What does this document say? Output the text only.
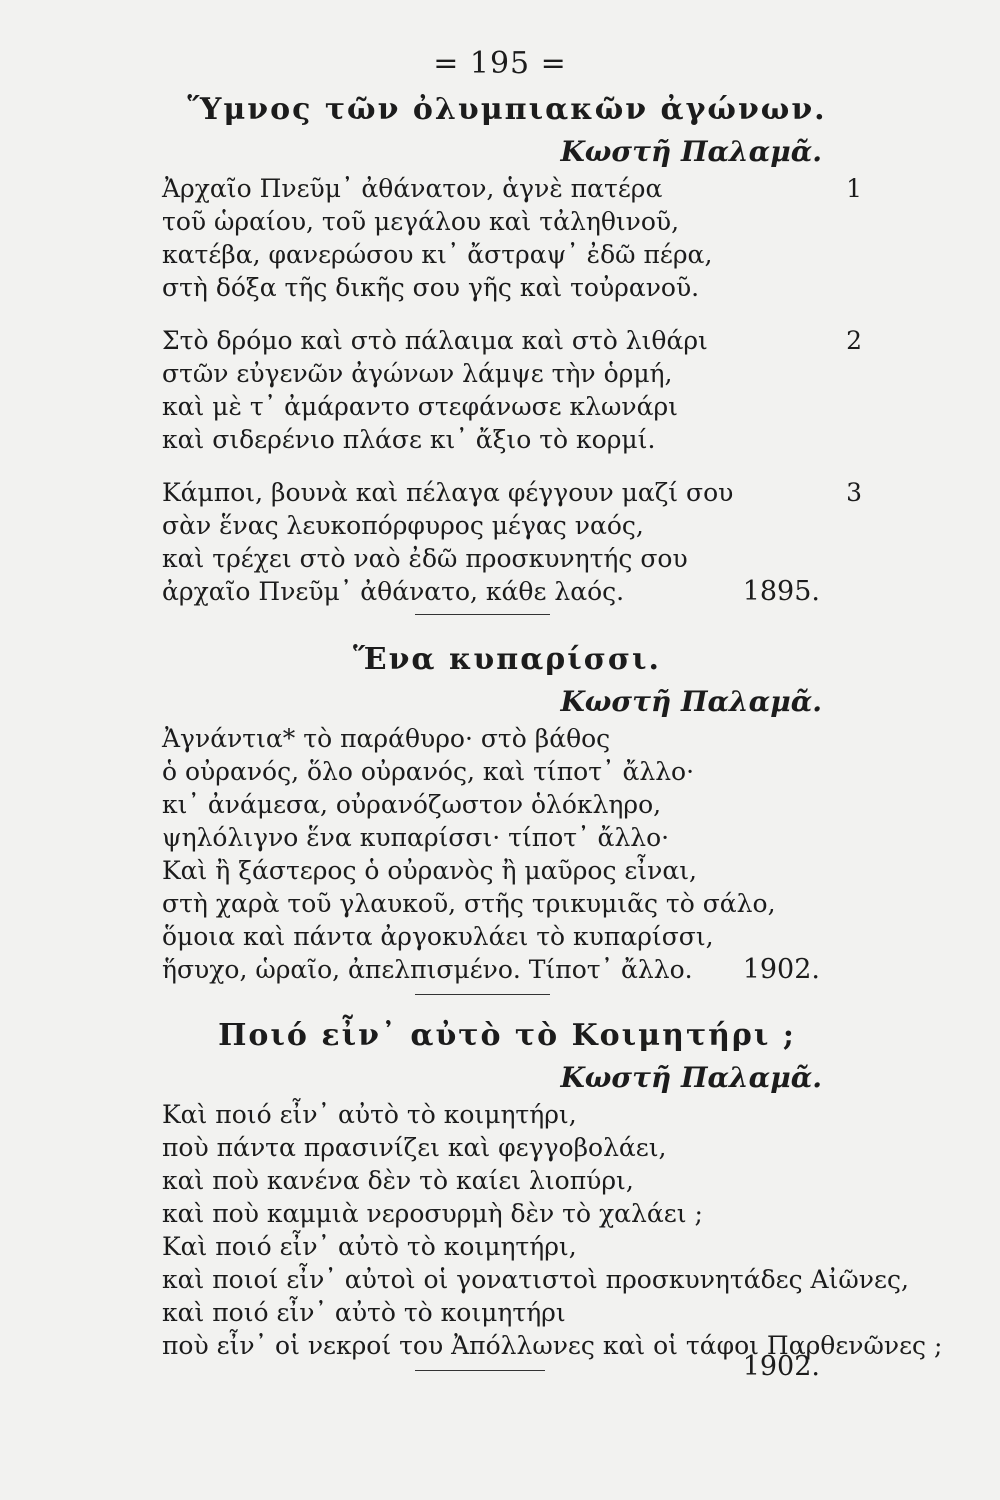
= 195 =
Ὕμνος τῶν ὀλυμπιακῶν ἀγώνων.
Κωστῆ Παλαμᾶ.
1
Ἀρχαῖο Πνεῦμ᾽ ἀθάνατον, ἁγνὲ πατέρα
τοῦ ὡραίου, τοῦ μεγάλου καὶ τἀληθινοῦ,
κατέβα, φανερώσου κι᾽ ἄστραψ᾽ ἐδῶ πέρα,
στὴ δόξα τῆς δικῆς σου γῆς καὶ τοὐρανοῦ.
2
Στὸ δρόμο καὶ στὸ πάλαιμα καὶ στὸ λιθάρι
στῶν εὐγενῶν ἀγώνων λάμψε τὴν ὁρμή,
καὶ μὲ τ᾽ ἀμάραντο στεφάνωσε κλωνάρι
καὶ σιδερένιο πλάσε κι᾽ ἄξιο τὸ κορμί.
3
Κάμποι, βουνὰ καὶ πέλαγα φέγγουν μαζί σου
σὰν ἕνας λευκοπόρφυρος μέγας ναός,
καὶ τρέχει στὸ ναὸ ἐδῶ προσκυνητής σου
ἀρχαῖο Πνεῦμ᾽ ἀθάνατο, κάθε λαός.	1895.
Ἕνα κυπαρίσσι.
Κωστῆ Παλαμᾶ.
Ἀγνάντια* τὸ παράθυρο· στὸ βάθος
ὁ οὐρανός, ὅλο οὐρανός, καὶ τίποτ᾽ ἄλλο·
κι᾽ ἀνάμεσα, οὐρανόζωστον ὁλόκληρο,
ψηλόλιγνο ἕνα κυπαρίσσι· τίποτ᾽ ἄλλο·
Καὶ ἢ ξάστερος ὁ οὐρανὸς ἢ μαῦρος εἶναι,
στὴ χαρὰ τοῦ γλαυκοῦ, στῆς τρικυμιᾶς τὸ σάλο,
ὅμοια καὶ πάντα ἀργοκυλάει τὸ κυπαρίσσι,
ἥσυχο, ὡραῖο, ἀπελπισμένο. Τίποτ᾽ ἄλλο.	1902.
Ποιό εἶν᾽ αὐτὸ τὸ Κοιμητήρι ;
Κωστῆ Παλαμᾶ.
Καὶ ποιό εἶν᾽ αὐτὸ τὸ κοιμητήρι,
ποὺ πάντα πρασινίζει καὶ φεγγοβολάει,
καὶ ποὺ κανένα δὲν τὸ καίει λιοπύρι,
καὶ ποὺ καμμιὰ νεροσυρμὴ δὲν τὸ χαλάει ;
Καὶ ποιό εἶν᾽ αὐτὸ τὸ κοιμητήρι,
καὶ ποιοί εἶν᾽ αὐτοὶ οἱ γονατιστοὶ προσκυνητάδες Αἰῶνες,
καὶ ποιό εἶν᾽ αὐτὸ τὸ κοιμητήρι
ποὺ εἶν᾽ οἱ νεκροί του Ἀπόλλωνες καὶ οἱ τάφοι Παρθενῶνες ;
1902.
